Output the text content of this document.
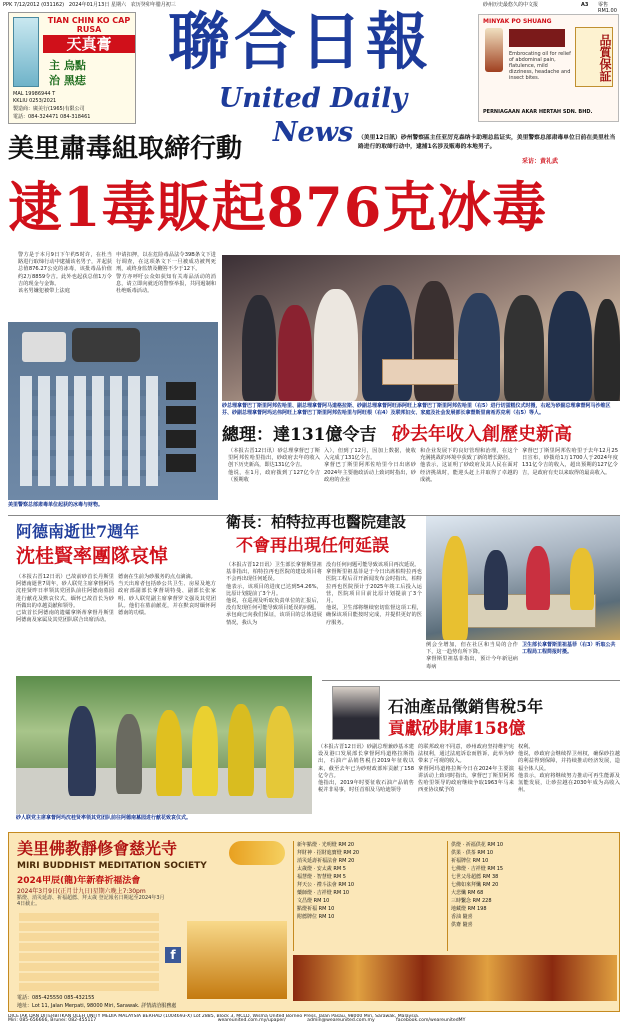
PPK 7/12/2012 (031162) 2024年01月13日 星期六 农历癸卯年腊月初三	砂州历史最悠久的中文报	A3 零售 RM1.00
TIAN CHIN KO CAP RUSA
天真膏
主 烏點
治 黑痣
MAL 19986944 T
KKLIU 0253/2021
製造商：廣美行(1965)有限公司
電話：084-324471 084-318461
聯合日報
United Daily News
MINYAK PO SHUANG
Embrocating oil for relief of abdominal pain, flatulence, mild dizziness, headache and insect bites.	品質保証
PERNIAGAAN AKAR HERTAH SDN. BHD.
美里肅毒組取締行動
逮1毒販起876克冰毒
（美里12日訊）砂州警察區主任亚厉克森纳卡助理总监证实，美里警察总部肃毒单位日前在美里杜当路进行的取缔行动中，逮捕1名涉及贩毒的本地男子。
采访：黄礼武
警方是于本月9日下午约5时许，在杜当路进行取缔行动中逮捕该名男子，并起获总值876.27公克的冰毒，该批毒品价值约2万8859令吉。此外也起获总值1万令吉的现金与金饰。
该名男嫌犯被带上法庭
申请扣押，以在危险毒品法令39B条文下进行调查，在这项条文下一旦被成功被判死刑，或终身监禁及鞭笞不少于12下。
警方亦呼吁公众如获知有关毒品活动的消息，请立即向就近的警察举报，共同遏制和杜绝贩毒活动。
美里警察总部肃毒单位起获的冰毒与财物。
砂总理拿督巴丁斯里阿邦佐哈里、副总理拿督阿马道格拉斯、砂副总理拿督阿旺添阿旺上拿督巴丁斯里阿邦佐哈里（右5）进行切蛋糕仪式时摄，右起为砂副总理拿督阿马沙维区芬、砂副总理拿督阿玛达伟阿旺上拿督巴丁斯里阿邦佐哈里与阿旺根（右4）及联邦妇女、家庭及社会发展部长拿督斯里南希苏克利（右5）等人。
總理：達131億令吉 砂去年收入創歷史新高
（本报古晋12日讯）砂总理拿督巴丁斯里阿邦佐哈里指出，砂政府去年的收入创下历史新高，即达131亿令吉。
他说，在1月，政府拨到了127亿令吉（预期收
入），但到了12月，因加上数据，使收入完成了131亿令吉。
拿督巴丁斯里阿邦佐哈里今日出席砂2024年主要施政活动上致词时指出，砂政府的企业
和企业发展下的良好管理和治理，在这个充满挑战的环境中获致了新的增长路径。
他表示，这证明了砂政府及其人民在面对经济挑战时，能迎头赶上并取得了卓越的成就。
拿督巴丁斯里阿邦佐哈里于去年12月25日宣布，砂拨给1万1700人于2024年度131亿令吉的收入，超出预期的127亿令吉，是政府有史以来取得的最高收入。
阿德南逝世7週年
沈桂賢率團隊哀悼
（本报古晋12日讯）已故前砂首长丹斯里阿德南逝世7周年，砂人联党主席拿督阿玛沈桂贤昨日率领其党团队前往阿德南墓园进行献花及默哀仪式，缅怀已故首长为砂所做出的卓越贡献和领导。
已故首长阿德南的遗孀拿斯蒂拿督丹斯里阿德南及家属及其党团队联合出席活动。
德南在生前为砂服务的点点滴滴。
当天出席者包括砂公共卫生、房屋及地方政府部副部长拿督胡特曼、副部长张家明、砂人联党副主席拿督罗文强及其党团队。他们在墓前献花，并在默哀时缅怀阿德南的功绩。
砂人联党主席拿督阿玛沈桂贤率领其党团队前往阿德南墓园进行献花致哀仪式。
衛長：柏特拉再也醫院建設
不會再出現任何延誤
（本报古晋12日讯）卫生部长拿督斯里祖基菲指出，柏特拉再也医院的建设项目将不会再出现任何延误。
他表示，该项目的进度已达到54.26%，比原计划提前了3个月。
他说，在巡视及听取负责单位的汇报后，没有发现任何可能导致项目延误的问题。
承包商已向我们保证，该项目的总体进展情况，我认为
没有任何问题可能导致该项目再次延误。
拿督斯里祖基菲是于今日出席柏特拉再也医院工程后召开新闻发布会时指出，柏特拉再也医院预计于2025年竣工后投入运营，医院项目目前比原计划提前了3个月。
他说，卫生部将继续密切监督这项工程，确保该项目能按时完成，并提供更好的医疗服务。
例会全增加，但在社区和当局的合作下，这一趋势有所下降。
拿督斯里祖基菲指出，预计今年新冠病毒病
卫生部长拿督斯里祖基菲（右3）听取公共工程局工程简报时摄。
石油產品徵銷售稅5年
貢獻砂財庫158億
（本报古晋12日讯）砂副总理兼砂基本建设及港口发展部长拿督阿玛道格拉斯指出，石油产品销售税自2019年征收以来，截至去年已为砂财政部库贡献了158亿令吉。
他指出，2019年时要征收石油产品销售税并非易事，时任首相及马哈迪领导
的联邦政府不同意，砂州政府坚持维护宪法权利，通过法庭诉讼而胜诉，此举为砂带来了可观的收入。
拿督阿玛道格拉斯今日在2024年主要演讲活动上致词时指出，拿督巴丁斯里阿邦佐哈里领导的政府继续争取1963年马来西亚协议赋予的
权利。
他说，砂政府会继续捍卫州权，确保砂拉越的利益得到保障，并持续推动经济发展，造福全体人民。
他表示，政府将继续努力推动可再生能源及氢能发展，让砂拉越在2030年成为高收入州。
美里佛教靜修會慈光寺
MIRI BUDDHIST MEDITATION SOCIETY
2024甲辰(龍)年新春祈福法會
2024年3月9日(正月廿九日)星期六晚上7:30pm
點燈、消災延壽、祈福超薦、拜太歲 登記報名日期起至2024年3月4日截止。
電話：085-425550 085-432155
地址：Lot 11, Jalan Merpati, 98000 Miri, Sarawak. 詳情請洽服務處
f
新年點燈 · 光明燈 RM 20
拜財神 · 招財進寶燈 RM 20
消災延壽祈福法會 RM 20
太歲燈 · 安太歲 RM 5
福慧燈 · 智慧燈 RM 5
拜天公 · 禮斗法會 RM 10
藥師燈 · 吉祥燈 RM 10
文昌燈 RM 10
點燈祈福 RM 10
附薦牌位 RM 10
供燈 · 祈福供花 RM 10
供果 · 供茶 RM 10
祈福牌位 RM 10
七佛燈 · 吉祥燈 RM 15
七世父母超薦 RM 38
七佛如來拜懺 RM 20
大悲懺 RM 68
三時繫念 RM 228
地藏燈 RM 198
香油 隨喜
供齋 隨喜
DICETAK DAN DITERBITKAN OLEH UNITY MEDIA MALAYSIA BERHAD (1004693-X) Lot 2885, Block 3, MCLD, Wisma United Borneo Press, Jalan Pasau, 98000 Miri, Sarawak, Malaysia.
Miri: 085-656666, Brunei: 082-455117	weareunited.com.my/upaper/	admin@weareunited.com.my	facebook.com/weareunitedMY
